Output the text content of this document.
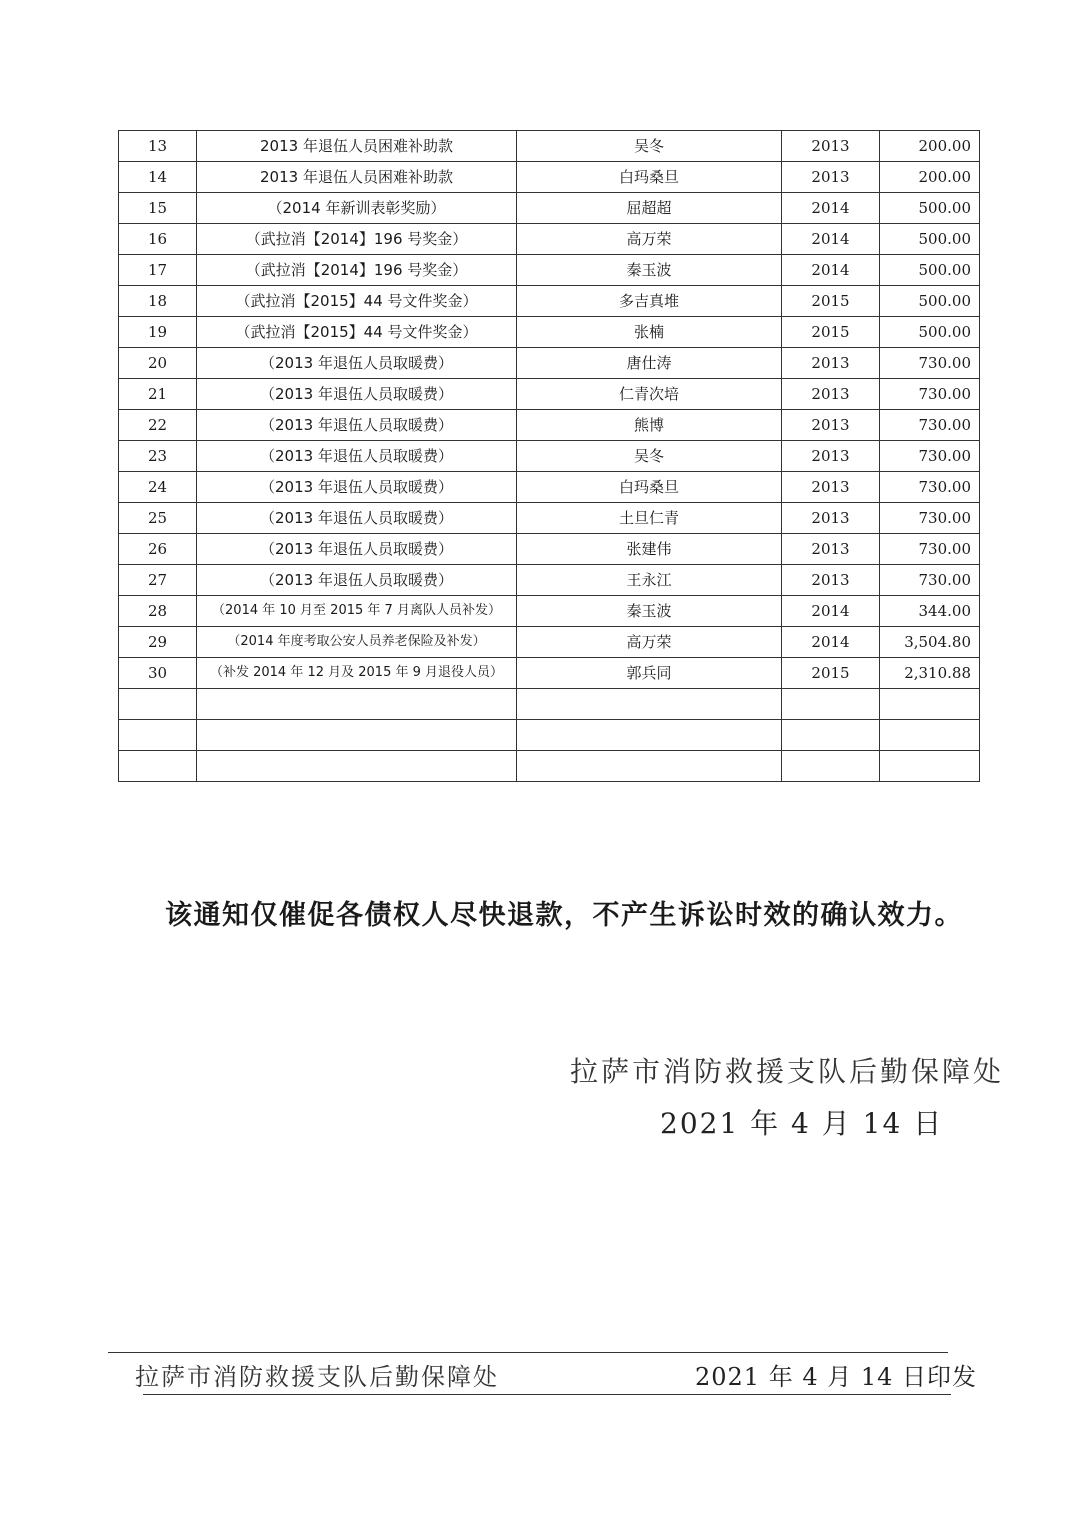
13	2013 年退伍人员困难补助款	吴冬	2013	200.00
14	2013 年退伍人员困难补助款	白玛桑旦	2013	200.00
15	（2014 年新训表彰奖励）	屈超超	2014	500.00
16	（武拉消【2014】196 号奖金）	高万荣	2014	500.00
17	（武拉消【2014】196 号奖金）	秦玉波	2014	500.00
18	（武拉消【2015】44 号文件奖金）	多吉真堆	2015	500.00
19	（武拉消【2015】44 号文件奖金）	张楠	2015	500.00
20	（2013 年退伍人员取暖费）	唐仕涛	2013	730.00
21	（2013 年退伍人员取暖费）	仁青次培	2013	730.00
22	（2013 年退伍人员取暖费）	熊博	2013	730.00
23	（2013 年退伍人员取暖费）	吴冬	2013	730.00
24	（2013 年退伍人员取暖费）	白玛桑旦	2013	730.00
25	（2013 年退伍人员取暖费）	土旦仁青	2013	730.00
26	（2013 年退伍人员取暖费）	张建伟	2013	730.00
27	（2013 年退伍人员取暖费）	王永江	2013	730.00
28	（2014 年 10 月至 2015 年 7 月离队人员补发）	秦玉波	2014	344.00
29	（2014 年度考取公安人员养老保险及补发）	高万荣	2014	3,504.80
30	（补发 2014 年 12 月及 2015 年 9 月退役人员）	郭兵同	2015	2,310.88

该通知仅催促各债权人尽快退款，不产生诉讼时效的确认效力。
拉萨市消防救援支队后勤保障处
2021 年 4 月 14 日
拉萨市消防救援支队后勤保障处	2021 年 4 月 14 日印发
